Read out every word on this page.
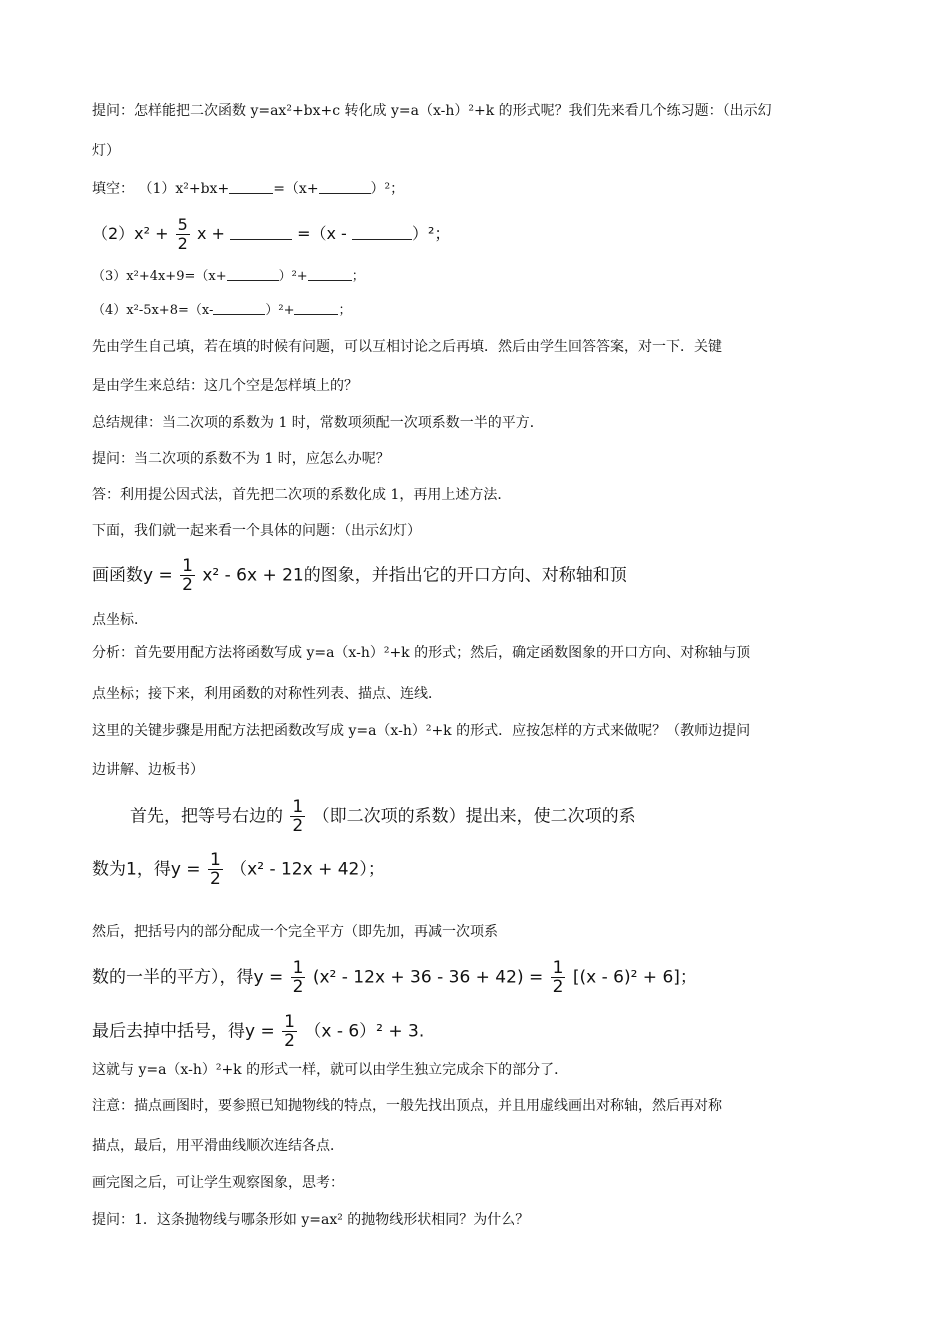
提问：怎样能把二次函数 y=ax²+bx+c 转化成 y=a（x-h）²+k 的形式呢？我们先来看几个练习题：（出示幻
灯）
填空： （1）x²+bx+	=（x+	）²；
$(2)x^2 + \frac{5}{2}$ x +	=（x -	）²；
（3）x²+4x+9=（x+	）²+	；
（4）x²-5x+8=（x-	）²+	；
先由学生自己填，若在填的时候有问题，可以互相讨论之后再填．然后由学生回答答案，对一下．关键
是由学生来总结：这几个空是怎样填上的？
总结规律：当二次项的系数为 1 时，常数项须配一次项系数一半的平方．
提问：当二次项的系数不为 1 时，应怎么办呢？
答：利用提公因式法，首先把二次项的系数化成 1，再用上述方法．
下面，我们就一起来看一个具体的问题：（出示幻灯）
画函数$y = \frac{1}{2} x^2 - 6x + 21$的图象，并指出它的开口方向、对称轴和顶
点坐标．
分析：首先要用配方法将函数写成 y=a（x-h）²+k 的形式；然后，确定函数图象的开口方向、对称轴与顶
点坐标；接下来，利用函数的对称性列表、描点、连线．
这里的关键步骤是用配方法把函数改写成 y=a（x-h）²+k 的形式．应按怎样的方式来做呢？（教师边提问
边讲解、边板书）
首先，把等号右边的 $\frac{1}{2}$ （即二次项的系数）提出来，使二次项的系
数为1，得$y = \frac{1}{2} (x^2 - 12x + 42)$；
然后，把括号内的部分配成一个完全平方（即先加，再减一次项系
数的一半的平方），得$y = \frac{1}{2} (x^2 - 12x + 36 - 36 + 42) = \frac{1}{2} [(x - 6)^2 + 6]$；
最后去掉中括号，得$y = \frac{1}{2} (x - 6)^2 + 3$.
这就与 y=a（x-h）²+k 的形式一样，就可以由学生独立完成余下的部分了．
注意：描点画图时，要参照已知抛物线的特点，一般先找出顶点，并且用虚线画出对称轴，然后再对称
描点，最后，用平滑曲线顺次连结各点．
画完图之后，可让学生观察图象，思考：
提问：1．这条抛物线与哪条形如 y=ax² 的抛物线形状相同？为什么？
